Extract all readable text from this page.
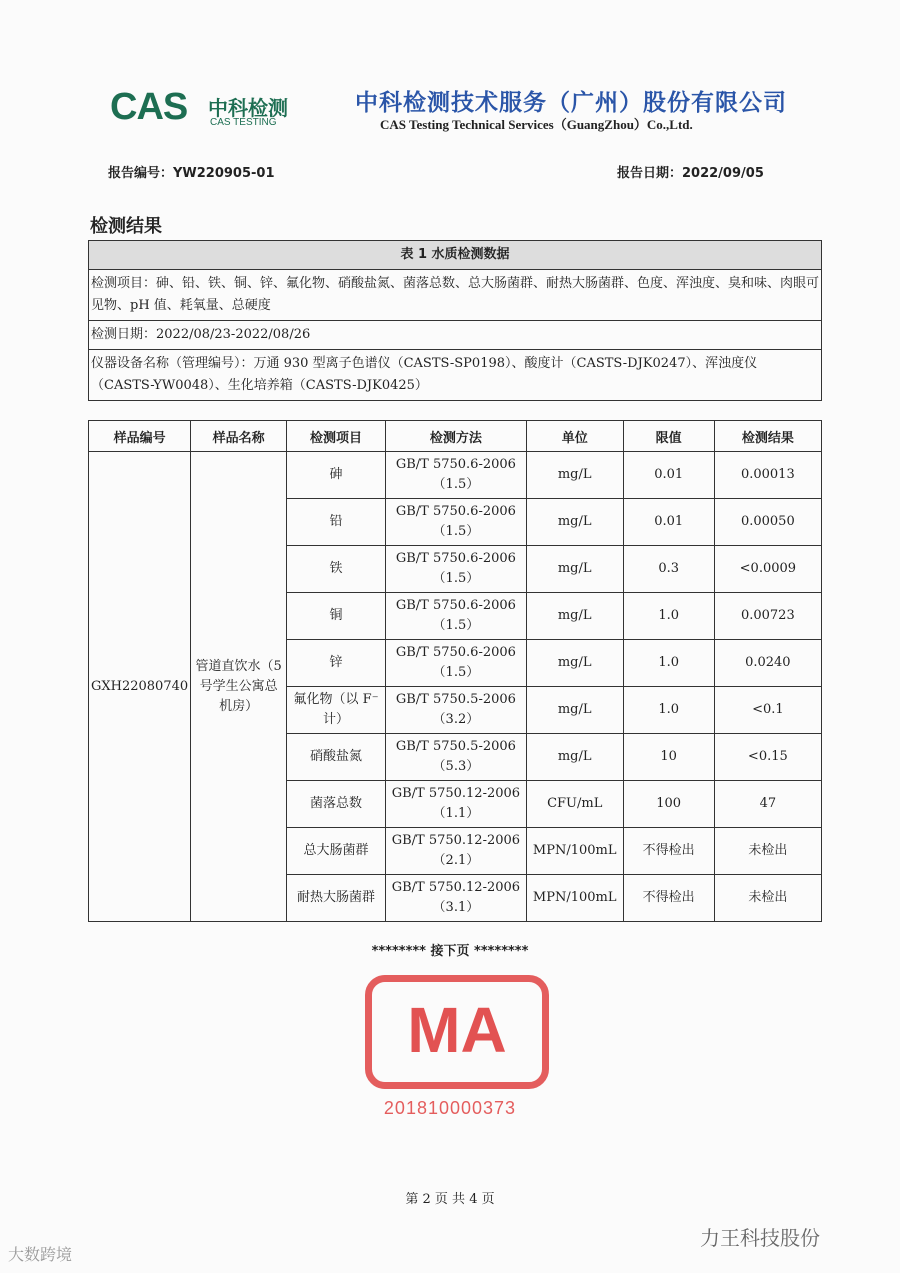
CAS 中科检测
CAS TESTING
中科检测技术服务（广州）股份有限公司
CAS Testing Technical Services（GuangZhou）Co.,Ltd.
报告编号：YW220905-01	报告日期：2022/09/05
检测结果
表 1 水质检测数据
检测项目：砷、铅、铁、铜、锌、氟化物、硝酸盐氮、菌落总数、总大肠菌群、耐热大肠菌群、色度、浑浊度、臭和味、肉眼可见物、pH 值、耗氧量、总硬度
检测日期：2022/08/23-2022/08/26
仪器设备名称（管理编号）：万通 930 型离子色谱仪（CASTS-SP0198）、酸度计（CASTS-DJK0247）、浑浊度仪（CASTS-YW0048）、生化培养箱（CASTS-DJK0425）
样品编号	样品名称	检测项目	检测方法	单位	限值	检测结果
GXH22080740	管道直饮水（5 号学生公寓总机房）	砷	GB/T 5750.6-2006（1.5）	mg/L	0.01	0.00013
		铅	GB/T 5750.6-2006（1.5）	mg/L	0.01	0.00050
		铁	GB/T 5750.6-2006（1.5）	mg/L	0.3	<0.0009
		铜	GB/T 5750.6-2006（1.5）	mg/L	1.0	0.00723
		锌	GB/T 5750.6-2006（1.5）	mg/L	1.0	0.0240
		氟化物（以 F⁻计）	GB/T 5750.5-2006（3.2）	mg/L	1.0	<0.1
		硝酸盐氮	GB/T 5750.5-2006（5.3）	mg/L	10	<0.15
		菌落总数	GB/T 5750.12-2006（1.1）	CFU/mL	100	47
		总大肠菌群	GB/T 5750.12-2006（2.1）	MPN/100mL	不得检出	未检出
		耐热大肠菌群	GB/T 5750.12-2006（3.1）	MPN/100mL	不得检出	未检出
******** 接下页 ********
MA
201810000373
第 2 页 共 4 页
力王科技股份
大数跨境
